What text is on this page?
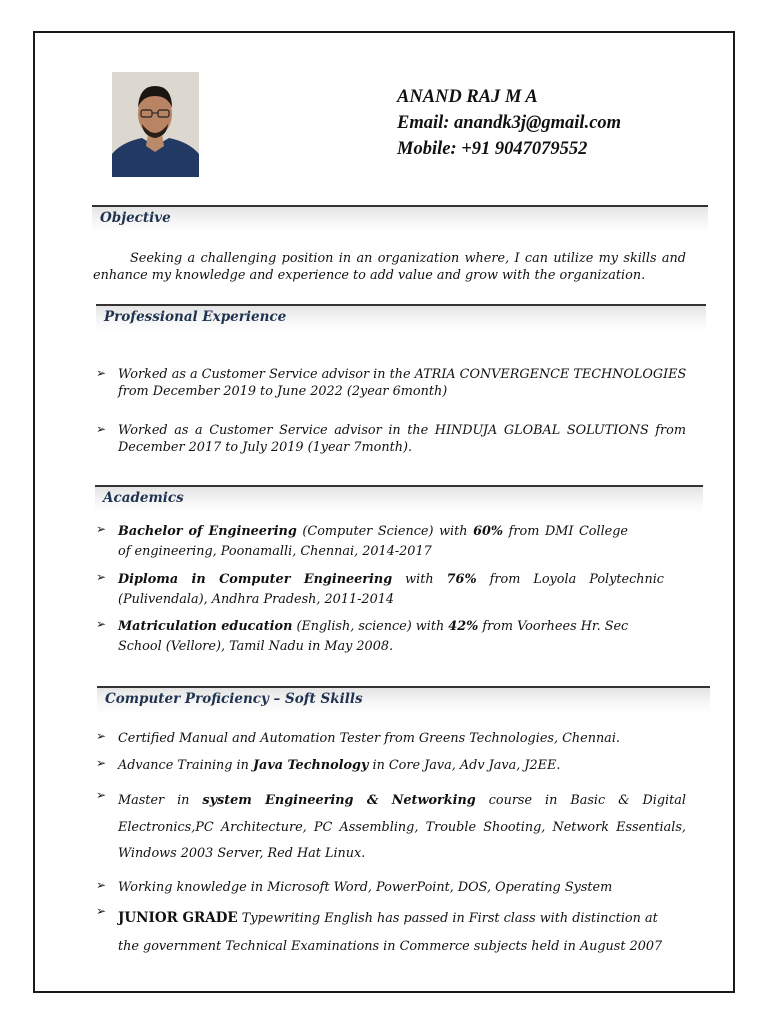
ANAND RAJ M A
Email: anandk3j@gmail.com
Mobile: +91 9047079552
Objective
Seeking a challenging position in an organization where, I can utilize my skills and enhance my knowledge and experience to add value and grow with the organization.
Professional Experience
➢ Worked as a Customer Service advisor in the ATRIA CONVERGENCE TECHNOLOGIES
from December 2019 to June 2022 (2year 6month)
➢ Worked as a Customer Service advisor in the HINDUJA GLOBAL SOLUTIONS from
December 2017 to July 2019 (1year 7month).
Academics
➢ Bachelor of Engineering (Computer Science) with 60% from DMI College of engineering, Poonamalli, Chennai, 2014-2017
➢ Diploma in Computer Engineering with 76% from Loyola Polytechnic (Pulivendala), Andhra Pradesh, 2011-2014
➢ Matriculation education (English, science) with 42% from Voorhees Hr. Sec School (Vellore), Tamil Nadu in May 2008.
Computer Proficiency – Soft Skills
➢ Certified Manual and Automation Tester from Greens Technologies, Chennai.
➢ Advance Training in Java Technology in Core Java, Adv Java, J2EE.
➢ Master in system Engineering & Networking course in Basic & Digital Electronics,PC Architecture, PC Assembling, Trouble Shooting, Network Essentials, Windows 2003 Server, Red Hat Linux.
➢ Working knowledge in Microsoft Word, PowerPoint, DOS, Operating System
➢ JUNIOR GRADE Typewriting English has passed in First class with distinction at the government Technical Examinations in Commerce subjects held in August 2007
